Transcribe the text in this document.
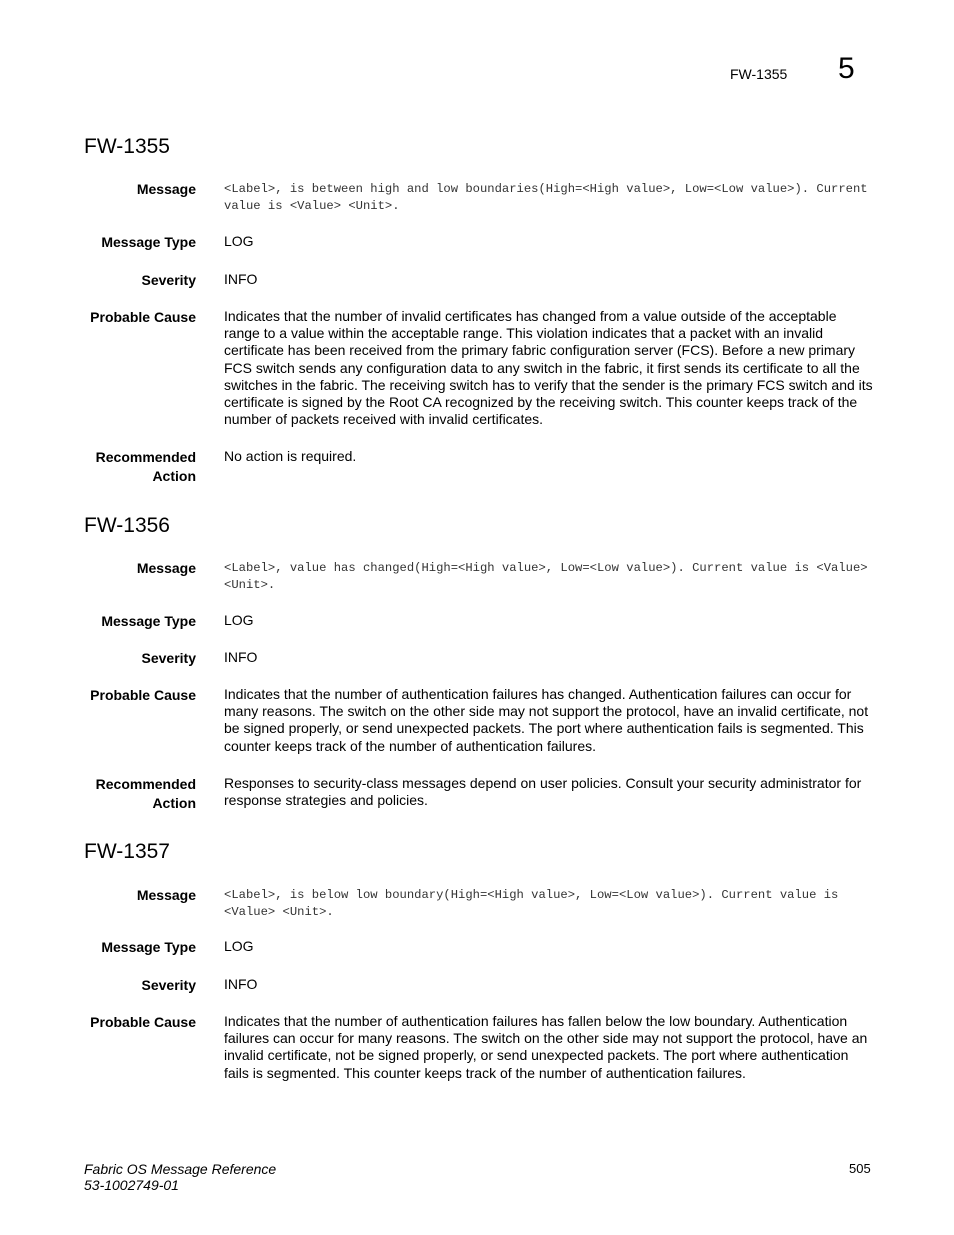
FW-1355 5
FW-1355
Message <Label>, is between high and low boundaries(High=<High value>, Low=<Low value>). Current value is <Value> <Unit>.
Message Type LOG
Severity INFO
Probable Cause Indicates that the number of invalid certificates has changed from a value outside of the acceptable range to a value within the acceptable range. This violation indicates that a packet with an invalid certificate has been received from the primary fabric configuration server (FCS). Before a new primary FCS switch sends any configuration data to any switch in the fabric, it first sends its certificate to all the switches in the fabric. The receiving switch has to verify that the sender is the primary FCS switch and its certificate is signed by the Root CA recognized by the receiving switch. This counter keeps track of the number of packets received with invalid certificates.
Recommended
Action
No action is required.
FW-1356
Message <Label>, value has changed(High=<High value>, Low=<Low value>). Current value is <Value> <Unit>.
Message Type LOG
Severity INFO
Probable Cause Indicates that the number of authentication failures has changed. Authentication failures can occur for many reasons. The switch on the other side may not support the protocol, have an invalid certificate, not be signed properly, or send unexpected packets. The port where authentication fails is segmented. This counter keeps track of the number of authentication failures.
Recommended
Action
Responses to security-class messages depend on user policies. Consult your security administrator for response strategies and policies.
FW-1357
Message <Label>, is below low boundary(High=<High value>, Low=<Low value>). Current value is <Value> <Unit>.
Message Type LOG
Severity INFO
Probable Cause Indicates that the number of authentication failures has fallen below the low boundary. Authentication failures can occur for many reasons. The switch on the other side may not support the protocol, have an invalid certificate, not be signed properly, or send unexpected packets. The port where authentication fails is segmented. This counter keeps track of the number of authentication failures.
Fabric OS Message Reference
53-1002749-01
505
